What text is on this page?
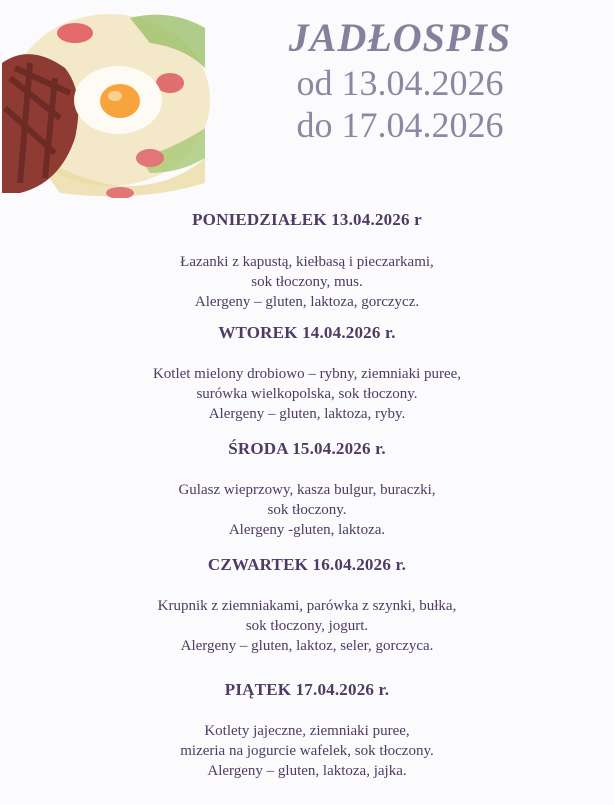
JADŁOSPIS
od 13.04.2026
do 17.04.2026
PONIEDZIAŁEK 13.04.2026 r
Łazanki z kapustą, kiełbasą i pieczarkami,
sok tłoczony, mus.
Alergeny – gluten, laktoza, gorczycz.
WTOREK 14.04.2026 r.
Kotlet mielony drobiowo – rybny, ziemniaki puree,
surówka wielkopolska, sok tłoczony.
Alergeny – gluten, laktoza, ryby.
ŚRODA 15.04.2026 r.
Gulasz wieprzowy, kasza bulgur, buraczki,
sok tłoczony.
Alergeny -gluten, laktoza.
CZWARTEK 16.04.2026 r.
Krupnik z ziemniakami, parówka z szynki, bułka,
sok tłoczony, jogurt.
Alergeny – gluten, laktoz, seler, gorczyca.
PIĄTEK 17.04.2026 r.
Kotlety jajeczne, ziemniaki puree,
mizeria na jogurcie wafelek, sok tłoczony.
Alergeny – gluten, laktoza, jajka.
